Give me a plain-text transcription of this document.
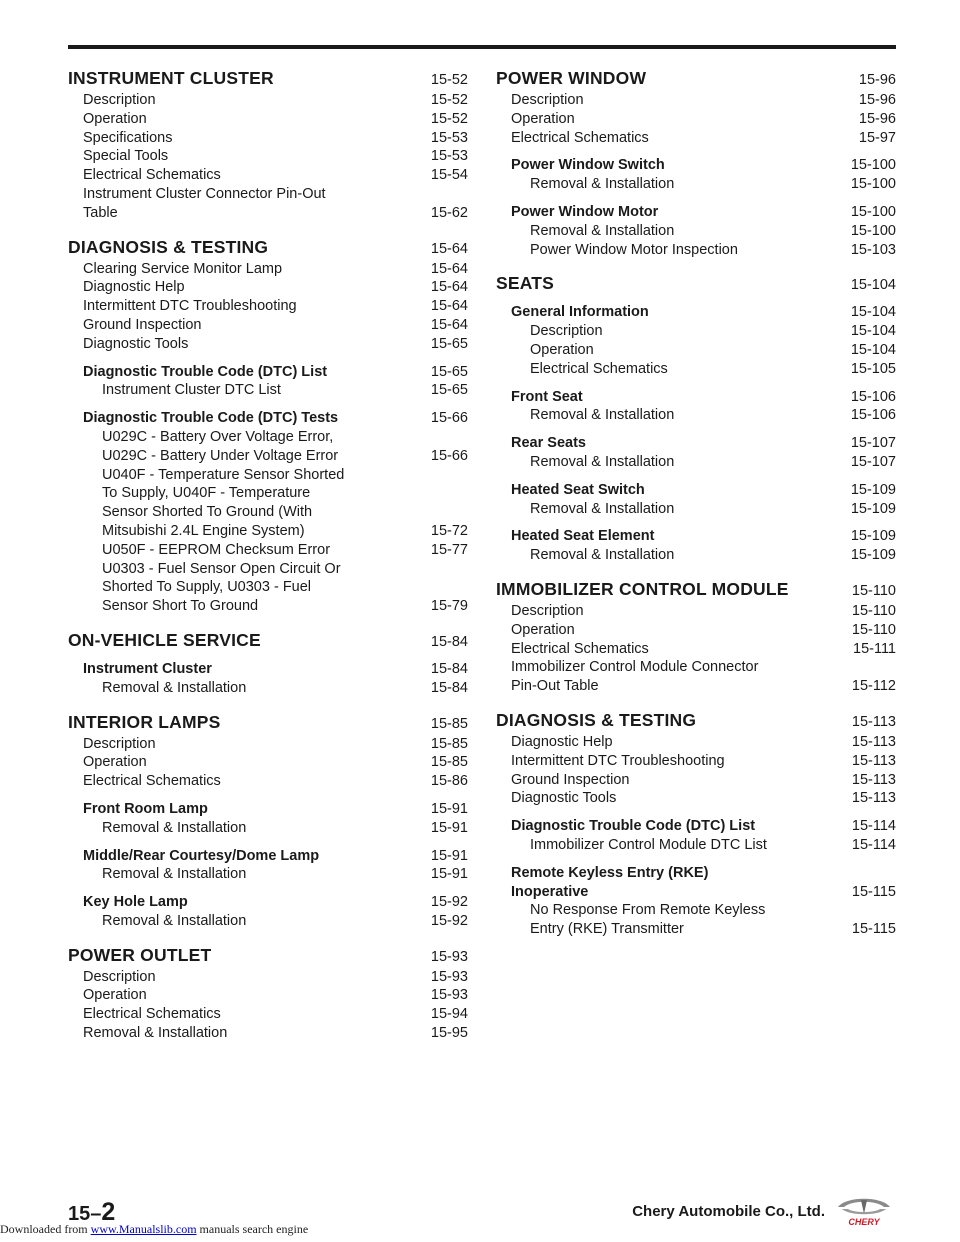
INSTRUMENT CLUSTER	15-52
Description	15-52
Operation	15-52
Specifications	15-53
Special Tools	15-53
Electrical Schematics	15-54
Instrument Cluster Connector Pin-Out
Table	15-62
DIAGNOSIS & TESTING	15-64
Clearing Service Monitor Lamp	15-64
Diagnostic Help	15-64
Intermittent DTC Troubleshooting	15-64
Ground Inspection	15-64
Diagnostic Tools	15-65
Diagnostic Trouble Code (DTC) List	15-65
Instrument Cluster DTC List	15-65
Diagnostic Trouble Code (DTC) Tests	15-66
U029C - Battery Over Voltage Error,
U029C - Battery Under Voltage Error	15-66
U040F - Temperature Sensor Shorted
To Supply, U040F - Temperature
Sensor Shorted To Ground (With
Mitsubishi 2.4L Engine System)	15-72
U050F - EEPROM Checksum Error	15-77
U0303 - Fuel Sensor Open Circuit Or
Shorted To Supply, U0303 - Fuel
Sensor Short To Ground	15-79
ON-VEHICLE SERVICE	15-84
Instrument Cluster	15-84
Removal & Installation	15-84
INTERIOR LAMPS	15-85
Description	15-85
Operation	15-85
Electrical Schematics	15-86
Front Room Lamp	15-91
Removal & Installation	15-91
Middle/Rear Courtesy/Dome Lamp	15-91
Removal & Installation	15-91
Key Hole Lamp	15-92
Removal & Installation	15-92
POWER OUTLET	15-93
Description	15-93
Operation	15-93
Electrical Schematics	15-94
Removal & Installation	15-95
POWER WINDOW	15-96
Description	15-96
Operation	15-96
Electrical Schematics	15-97
Power Window Switch	15-100
Removal & Installation	15-100
Power Window Motor	15-100
Removal & Installation	15-100
Power Window Motor Inspection	15-103
SEATS	15-104
General Information	15-104
Description	15-104
Operation	15-104
Electrical Schematics	15-105
Front Seat	15-106
Removal & Installation	15-106
Rear Seats	15-107
Removal & Installation	15-107
Heated Seat Switch	15-109
Removal & Installation	15-109
Heated Seat Element	15-109
Removal & Installation	15-109
IMMOBILIZER CONTROL MODULE	15-110
Description	15-110
Operation	15-110
Electrical Schematics	15-111
Immobilizer Control Module Connector
Pin-Out Table	15-112
DIAGNOSIS & TESTING	15-113
Diagnostic Help	15-113
Intermittent DTC Troubleshooting	15-113
Ground Inspection	15-113
Diagnostic Tools	15-113
Diagnostic Trouble Code (DTC) List	15-114
Immobilizer Control Module DTC List	15-114
Remote Keyless Entry (RKE)
Inoperative	15-115
No Response From Remote Keyless
Entry (RKE) Transmitter	15-115
15–2	Chery Automobile Co., Ltd.
CHERY
Downloaded from www.Manualslib.com manuals search engine
